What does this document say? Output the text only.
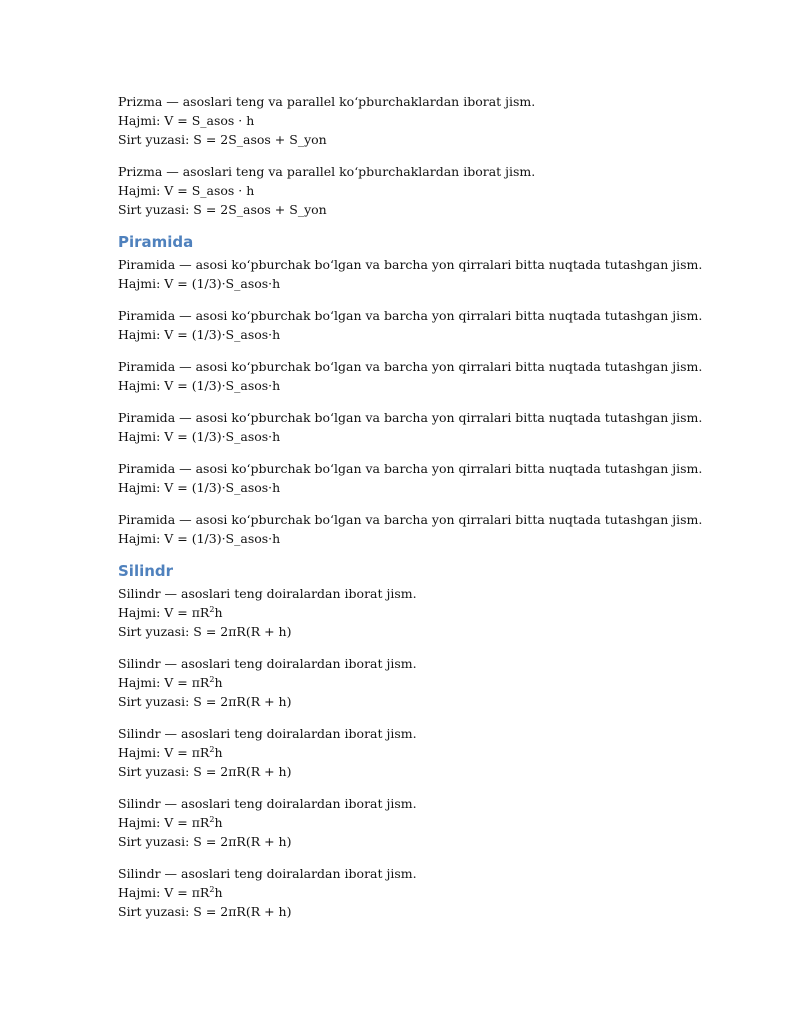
Prizma — asoslari teng va parallel ko‘pburchaklardan iborat jism.
Hajmi: V = S_asos · h
Sirt yuzasi: S = 2S_asos + S_yon
Prizma — asoslari teng va parallel ko‘pburchaklardan iborat jism.
Hajmi: V = S_asos · h
Sirt yuzasi: S = 2S_asos + S_yon
Piramida
Piramida — asosi ko‘pburchak bo‘lgan va barcha yon qirralari bitta nuqtada tutashgan jism.
Hajmi: V = (1/3)·S_asos·h
Piramida — asosi ko‘pburchak bo‘lgan va barcha yon qirralari bitta nuqtada tutashgan jism.
Hajmi: V = (1/3)·S_asos·h
Piramida — asosi ko‘pburchak bo‘lgan va barcha yon qirralari bitta nuqtada tutashgan jism.
Hajmi: V = (1/3)·S_asos·h
Piramida — asosi ko‘pburchak bo‘lgan va barcha yon qirralari bitta nuqtada tutashgan jism.
Hajmi: V = (1/3)·S_asos·h
Piramida — asosi ko‘pburchak bo‘lgan va barcha yon qirralari bitta nuqtada tutashgan jism.
Hajmi: V = (1/3)·S_asos·h
Piramida — asosi ko‘pburchak bo‘lgan va barcha yon qirralari bitta nuqtada tutashgan jism.
Hajmi: V = (1/3)·S_asos·h
Silindr
Silindr — asoslari teng doiralardan iborat jism.
Hajmi: $V = \pi R^2h$
Sirt yuzasi: S = 2πR(R + h)
Silindr — asoslari teng doiralardan iborat jism.
Hajmi: $V = \pi R^2h$
Sirt yuzasi: S = 2πR(R + h)
Silindr — asoslari teng doiralardan iborat jism.
Hajmi: $V = \pi R^2h$
Sirt yuzasi: S = 2πR(R + h)
Silindr — asoslari teng doiralardan iborat jism.
Hajmi: $V = \pi R^2h$
Sirt yuzasi: S = 2πR(R + h)
Silindr — asoslari teng doiralardan iborat jism.
Hajmi: $V = \pi R^2h$
Sirt yuzasi: S = 2πR(R + h)
